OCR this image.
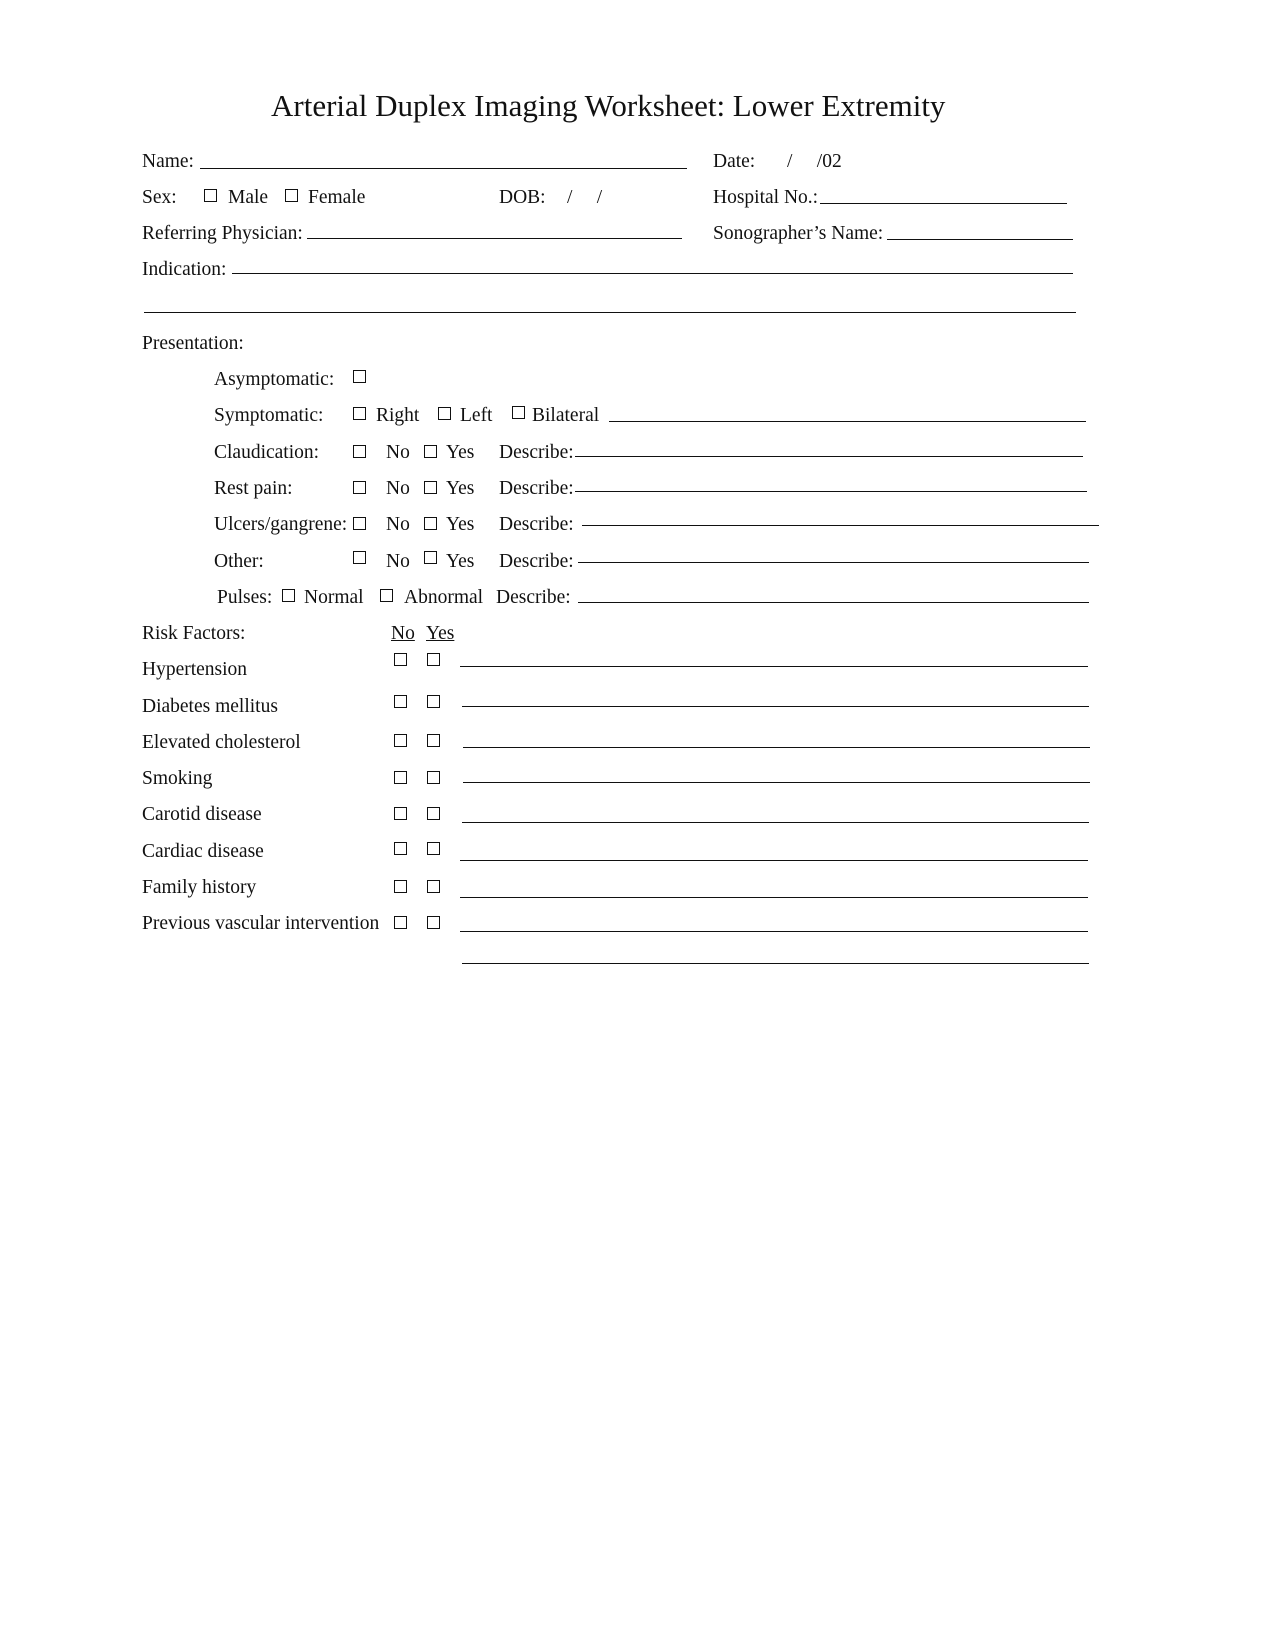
Arterial Duplex Imaging Worksheet: Lower Extremity
Name:	Date: /     /02
Sex:	Male Female	DOB: /     /	Hospital No.:
Referring Physician:	Sonographer’s Name:
Indication:
Presentation:
Asymptomatic:
Symptomatic:	Right Left Bilateral
Claudication:	No Yes Describe:
Rest pain:	No Yes Describe:
Ulcers/gangrene: No Yes Describe:
Other:	No Yes Describe:
Pulses: Normal Abnormal Describe:
Risk Factors:	No Yes
Hypertension
Diabetes mellitus
Elevated cholesterol
Smoking
Carotid disease
Cardiac disease
Family history
Previous vascular intervention
